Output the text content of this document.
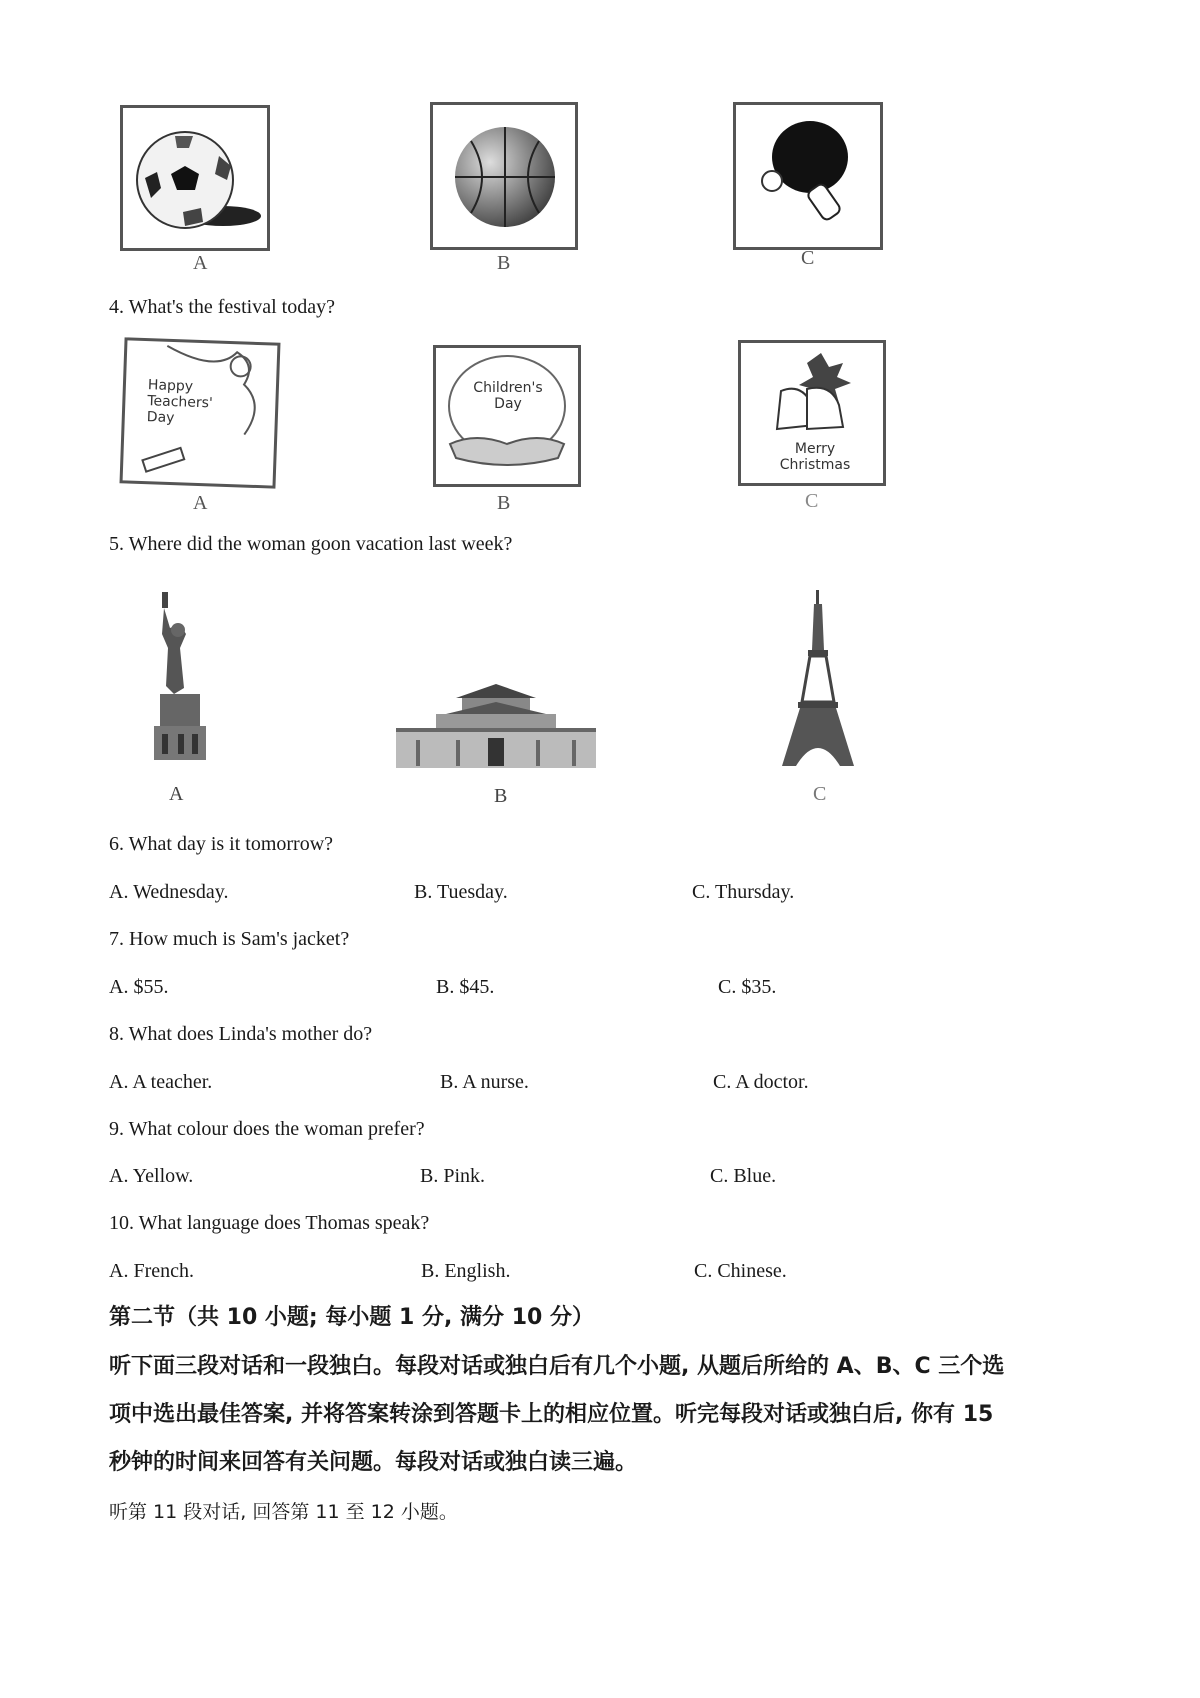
A	B	C
4. What's the festival today?
Happy
Teachers'
Day
A
Children's
Day
B
Merry
Christmas
C
5. Where did the woman goon vacation last week?
A	B	C
6. What day is it tomorrow?
A. Wednesday.	B. Tuesday.	C. Thursday.
7. How much is Sam's jacket?
A. $55.	B. $45.	C. $35.
8. What does Linda's mother do?
A. A teacher.	B. A nurse.	C. A doctor.
9. What colour does the woman prefer?
A. Yellow.	B. Pink.	C. Blue.
10. What language does Thomas speak?
A. French.	B. English.	C. Chinese.
第二节（共 10 小题; 每小题 1 分, 满分 10 分）
听下面三段对话和一段独白。每段对话或独白后有几个小题, 从题后所给的 A、B、C 三个选
项中选出最佳答案, 并将答案转涂到答题卡上的相应位置。听完每段对话或独白后, 你有 15
秒钟的时间来回答有关问题。每段对话或独白读三遍。
听第 11 段对话, 回答第 11 至 12 小题。
